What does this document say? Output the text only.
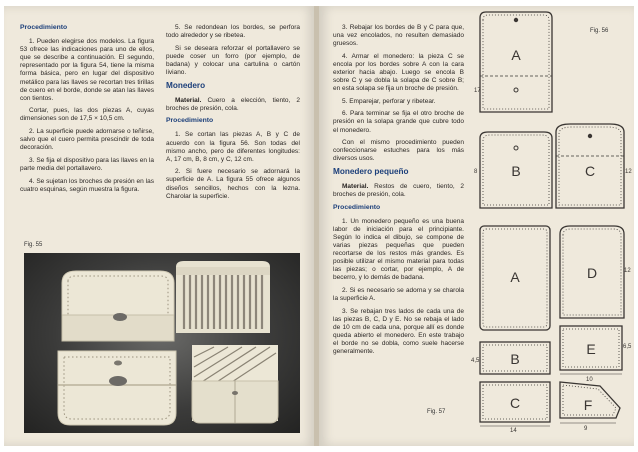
Procedimiento

1. Pueden elegirse dos modelos. La figura 53 ofrece las indicaciones para uno de ellos, que se describe a continuación. El segundo, representado por la figura 54, tiene la misma forma básica, pero en lugar del dispositivo metálico para las llaves se recortan tres tirillas de cuero en el borde, donde se atan las llaves con tientos.

Cortar, pues, las dos piezas A, cuyas dimensiones son de 17,5 × 10,5 cm.

2. La superficie puede adornarse o teñirse, salvo que el cuero permita prescindir de toda decoración.

3. Se fija el dispositivo para las llaves en la parte media del portallavero.

4. Se sujetan los broches de presión en las cuatro esquinas, según muestra la figura.

5. Se redondean los bordes, se perfora todo alrededor y se ribetea.

Si se deseara reforzar el portallavero se puede coser un forro (por ejemplo, de badana) y colocar una cartulina o cartón liviano.

Monedero

Material. Cuero a elección, tiento, 2 broches de presión, cola.

Procedimiento

1. Se cortan las piezas A, B y C de acuerdo con la figura 56. Son todas del mismo ancho, pero de diferentes longitudes: A, 17 cm, B, 8 cm, y C, 12 cm.

2. Si fuere necesario se adornará la superficie de A. La figura 55 ofrece algunos diseños sencillos, hechos con la lezna. Charolar la superficie.

Fig. 55

3. Rebajar los bordes de B y C para que, una vez encolados, no resulten demasiado gruesos.

4. Armar el monedero: la pieza C se encola por los bordes sobre A con la cara exterior hacia abajo. Luego se encola B sobre C y se dobla la solapa de C sobre B; en esta solapa se fija un broche de presión.

5. Emparejar, perforar y ribetear.

6. Para terminar se fija el otro broche de presión en la solapa grande que cubre todo el monedero.

Con el mismo procedimiento pueden confeccionarse estuches para los más diversos usos.

Monedero pequeño

Material. Restos de cuero, tiento, 2 broches de presión, cola.

Procedimiento

1. Un monedero pequeño es una buena labor de iniciación para el principiante. Según lo indica el dibujo, se compone de varias piezas pequeñas que pueden recortarse de los restos más grandes. Es posible utilizar el mismo material para todas las piezas; o cortar, por ejemplo, A de becerro, y lo demás de badana.

2. Si es necesario se adorna y se charola la superficie A.

3. Se rebajan tres lados de cada una de las piezas B, C, D y E. No se rebaja el lado de 10 cm de cada una, porque allí es donde queda abierto el monedero. En este trabajo el borde no se dobla, como suele hacerse generalmente.

Fig. 56
Fig. 57
A
B	C
17
8	12
A
B
C
D
E
F
14
12
6,5
10
4,5
9
